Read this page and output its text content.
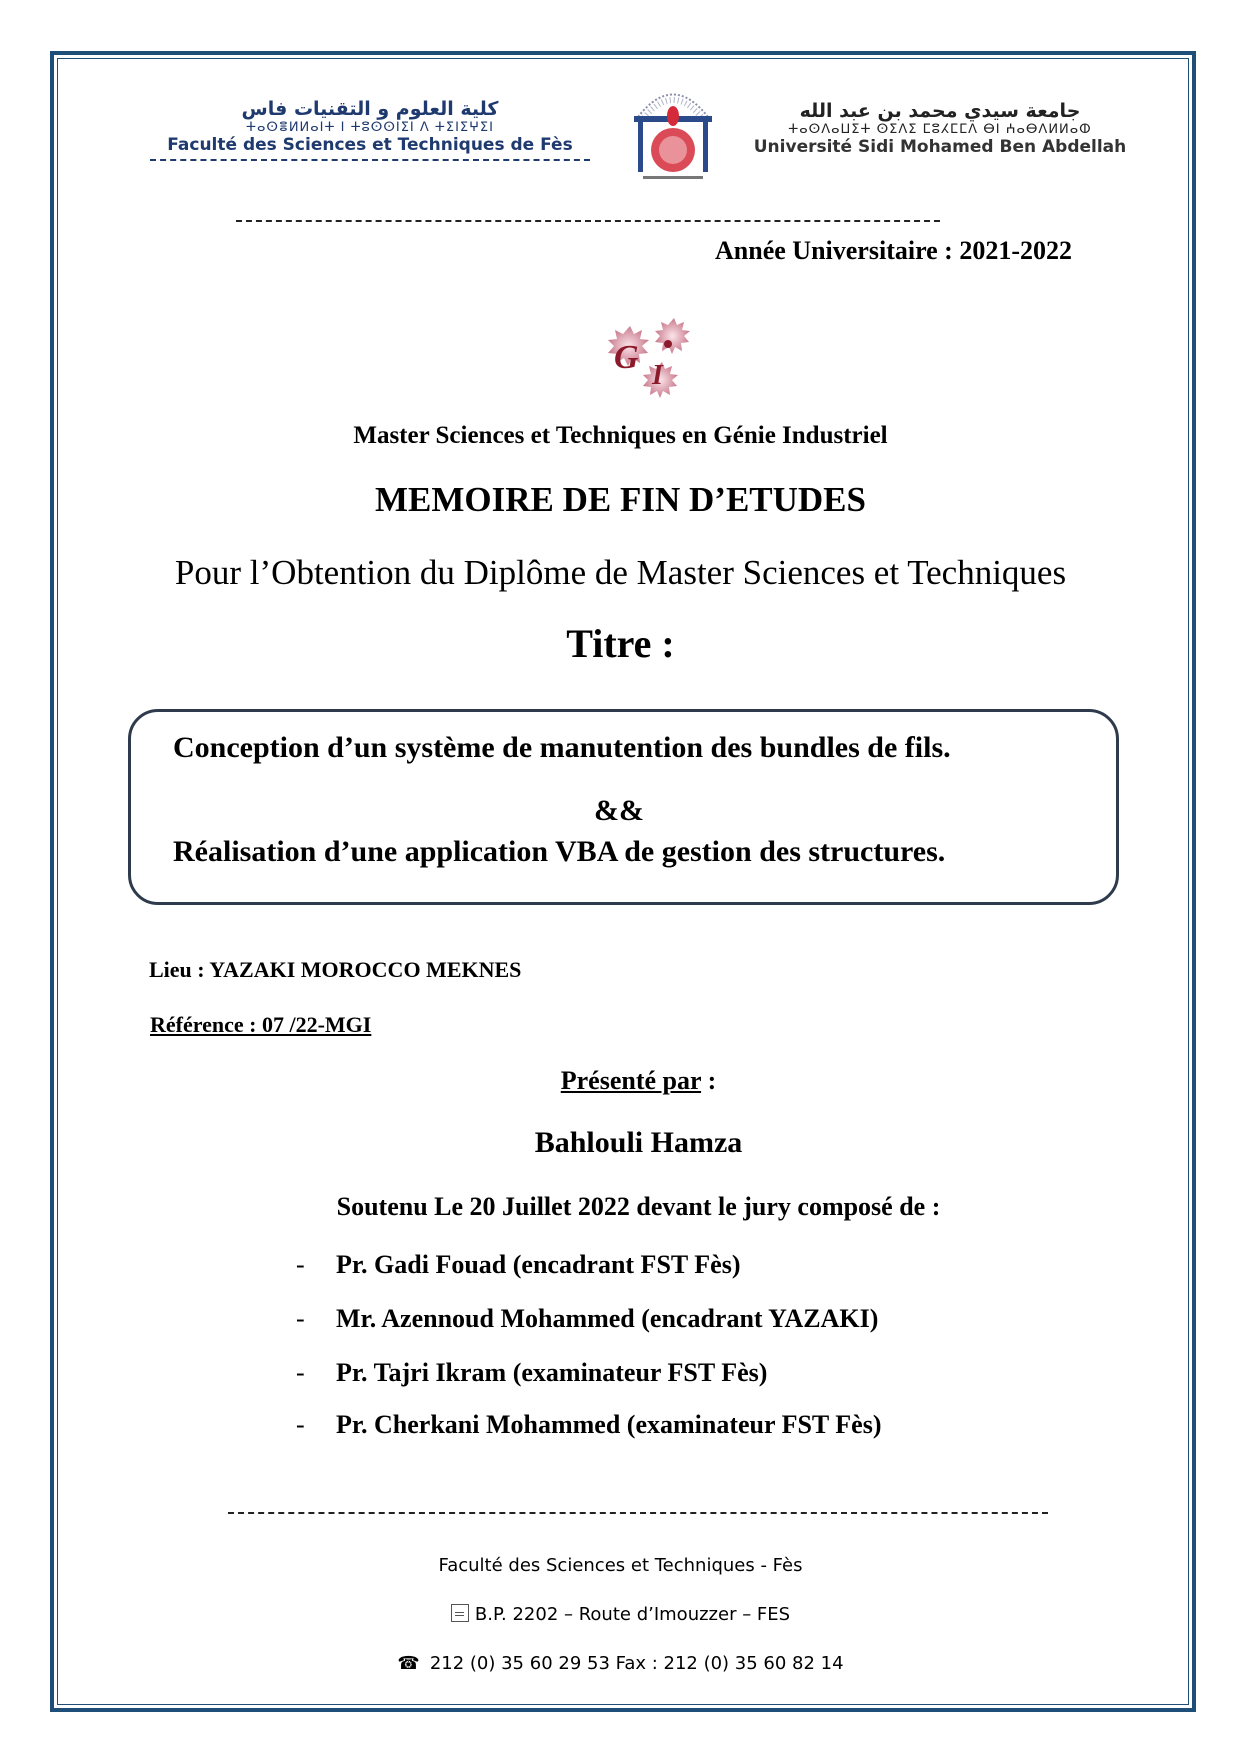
كلية العلوم و التقنيات فاس
ⵜⴰⵙⴻⵍⵍⴰⵏⵜ ⵏ ⵜⵓⵙⵙⵏⵉⵏ ⴷ ⵜⵉⵏⵉⵖⵉⵏ
Faculté des Sciences et Techniques de Fès
جامعة سيدي محمد بن عبد الله
ⵜⴰⵙⴷⴰⵡⵉⵜ ⵙⵉⴷⵉ ⵎⵓⵃⵎⵎⴷ ⴱⵏ ⵄⴰⴱⴷⵍⵍⴰⵀ
Université Sidi Mohamed Ben Abdellah
Année Universitaire : 2021-2022
G I
Master Sciences et Techniques en Génie Industriel
MEMOIRE DE FIN D’ETUDES
Pour l’Obtention du Diplôme de Master Sciences et Techniques
Titre :
Conception d’un système de manutention des bundles de fils.
&&
Réalisation d’une application VBA de gestion des structures.
Lieu : YAZAKI MOROCCO MEKNES
Référence : 07 /22-MGI
Présenté par :
Bahlouli Hamza
Soutenu Le 20 Juillet 2022 devant le jury composé de :
- Pr. Gadi Fouad (encadrant FST Fès)
- Mr. Azennoud Mohammed (encadrant YAZAKI)
- Pr. Tajri Ikram (examinateur FST Fès)
- Pr. Cherkani Mohammed (examinateur FST Fès)
Faculté des Sciences et Techniques - Fès
B.P. 2202 – Route d’Imouzzer – FES
☎ 212 (0) 35 60 29 53 Fax : 212 (0) 35 60 82 14
